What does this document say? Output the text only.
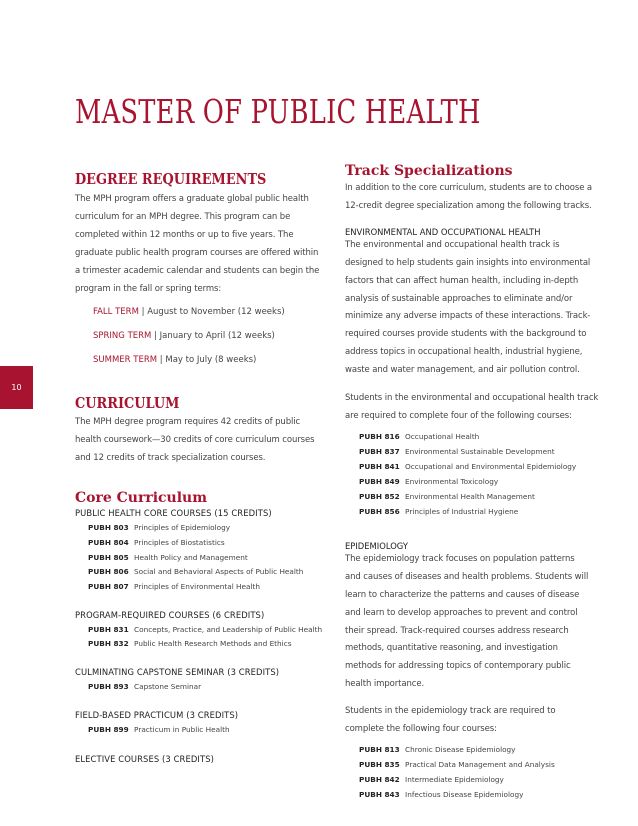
10
MASTER OF PUBLIC HEALTH
DEGREE REQUIREMENTS

The MPH program offers a graduate global public health
curriculum for an MPH degree. This program can be
completed within 12 months or up to five years. The
graduate public health program courses are offered within
a trimester academic calendar and students can begin the
program in the fall or spring terms:

FALL TERM | August to November (12 weeks)
SPRING TERM | January to April (12 weeks)
SUMMER TERM | May to July (8 weeks)
CURRICULUM

The MPH degree program requires 42 credits of public
health coursework—30 credits of core curriculum courses
and 12 credits of track specialization courses.

Core Curriculum
PUBLIC HEALTH CORE COURSES (15 CREDITS)
PUBH 803 Principles of Epidemiology
PUBH 804 Principles of Biostatistics
PUBH 805 Health Policy and Management
PUBH 806 Social and Behavioral Aspects of Public Health
PUBH 807 Principles of Environmental Health
PROGRAM-REQUIRED COURSES (6 CREDITS)
PUBH 831 Concepts, Practice, and Leadership of Public Health
PUBH 832 Public Health Research Methods and Ethics
CULMINATING CAPSTONE SEMINAR (3 CREDITS)
PUBH 893 Capstone Seminar
FIELD-BASED PRACTICUM (3 CREDITS)
PUBH 899 Practicum in Public Health
ELECTIVE COURSES (3 CREDITS)
Track Specializations

In addition to the core curriculum, students are to choose a
12-credit degree specialization among the following tracks.

ENVIRONMENTAL AND OCCUPATIONAL HEALTH

The environmental and occupational health track is
designed to help students gain insights into environmental
factors that can affect human health, including in-depth
analysis of sustainable approaches to eliminate and/or
minimize any adverse impacts of these interactions. Track-
required courses provide students with the background to
address topics in occupational health, industrial hygiene,
waste and water management, and air pollution control.

Students in the environmental and occupational health track
are required to complete four of the following courses:

PUBH 816 Occupational Health
PUBH 837 Environmental Sustainable Development
PUBH 841 Occupational and Environmental Epidemiology
PUBH 849 Environmental Toxicology
PUBH 852 Environmental Health Management
PUBH 856 Principles of Industrial Hygiene
EPIDEMIOLOGY

The epidemiology track focuses on population patterns
and causes of diseases and health problems. Students will
learn to characterize the patterns and causes of disease
and learn to develop approaches to prevent and control
their spread. Track-required courses address research
methods, quantitative reasoning, and investigation
methods for addressing topics of contemporary public
health importance.

Students in the epidemiology track are required to
complete the following four courses:

PUBH 813 Chronic Disease Epidemiology
PUBH 835 Practical Data Management and Analysis
PUBH 842 Intermediate Epidemiology
PUBH 843 Infectious Disease Epidemiology
